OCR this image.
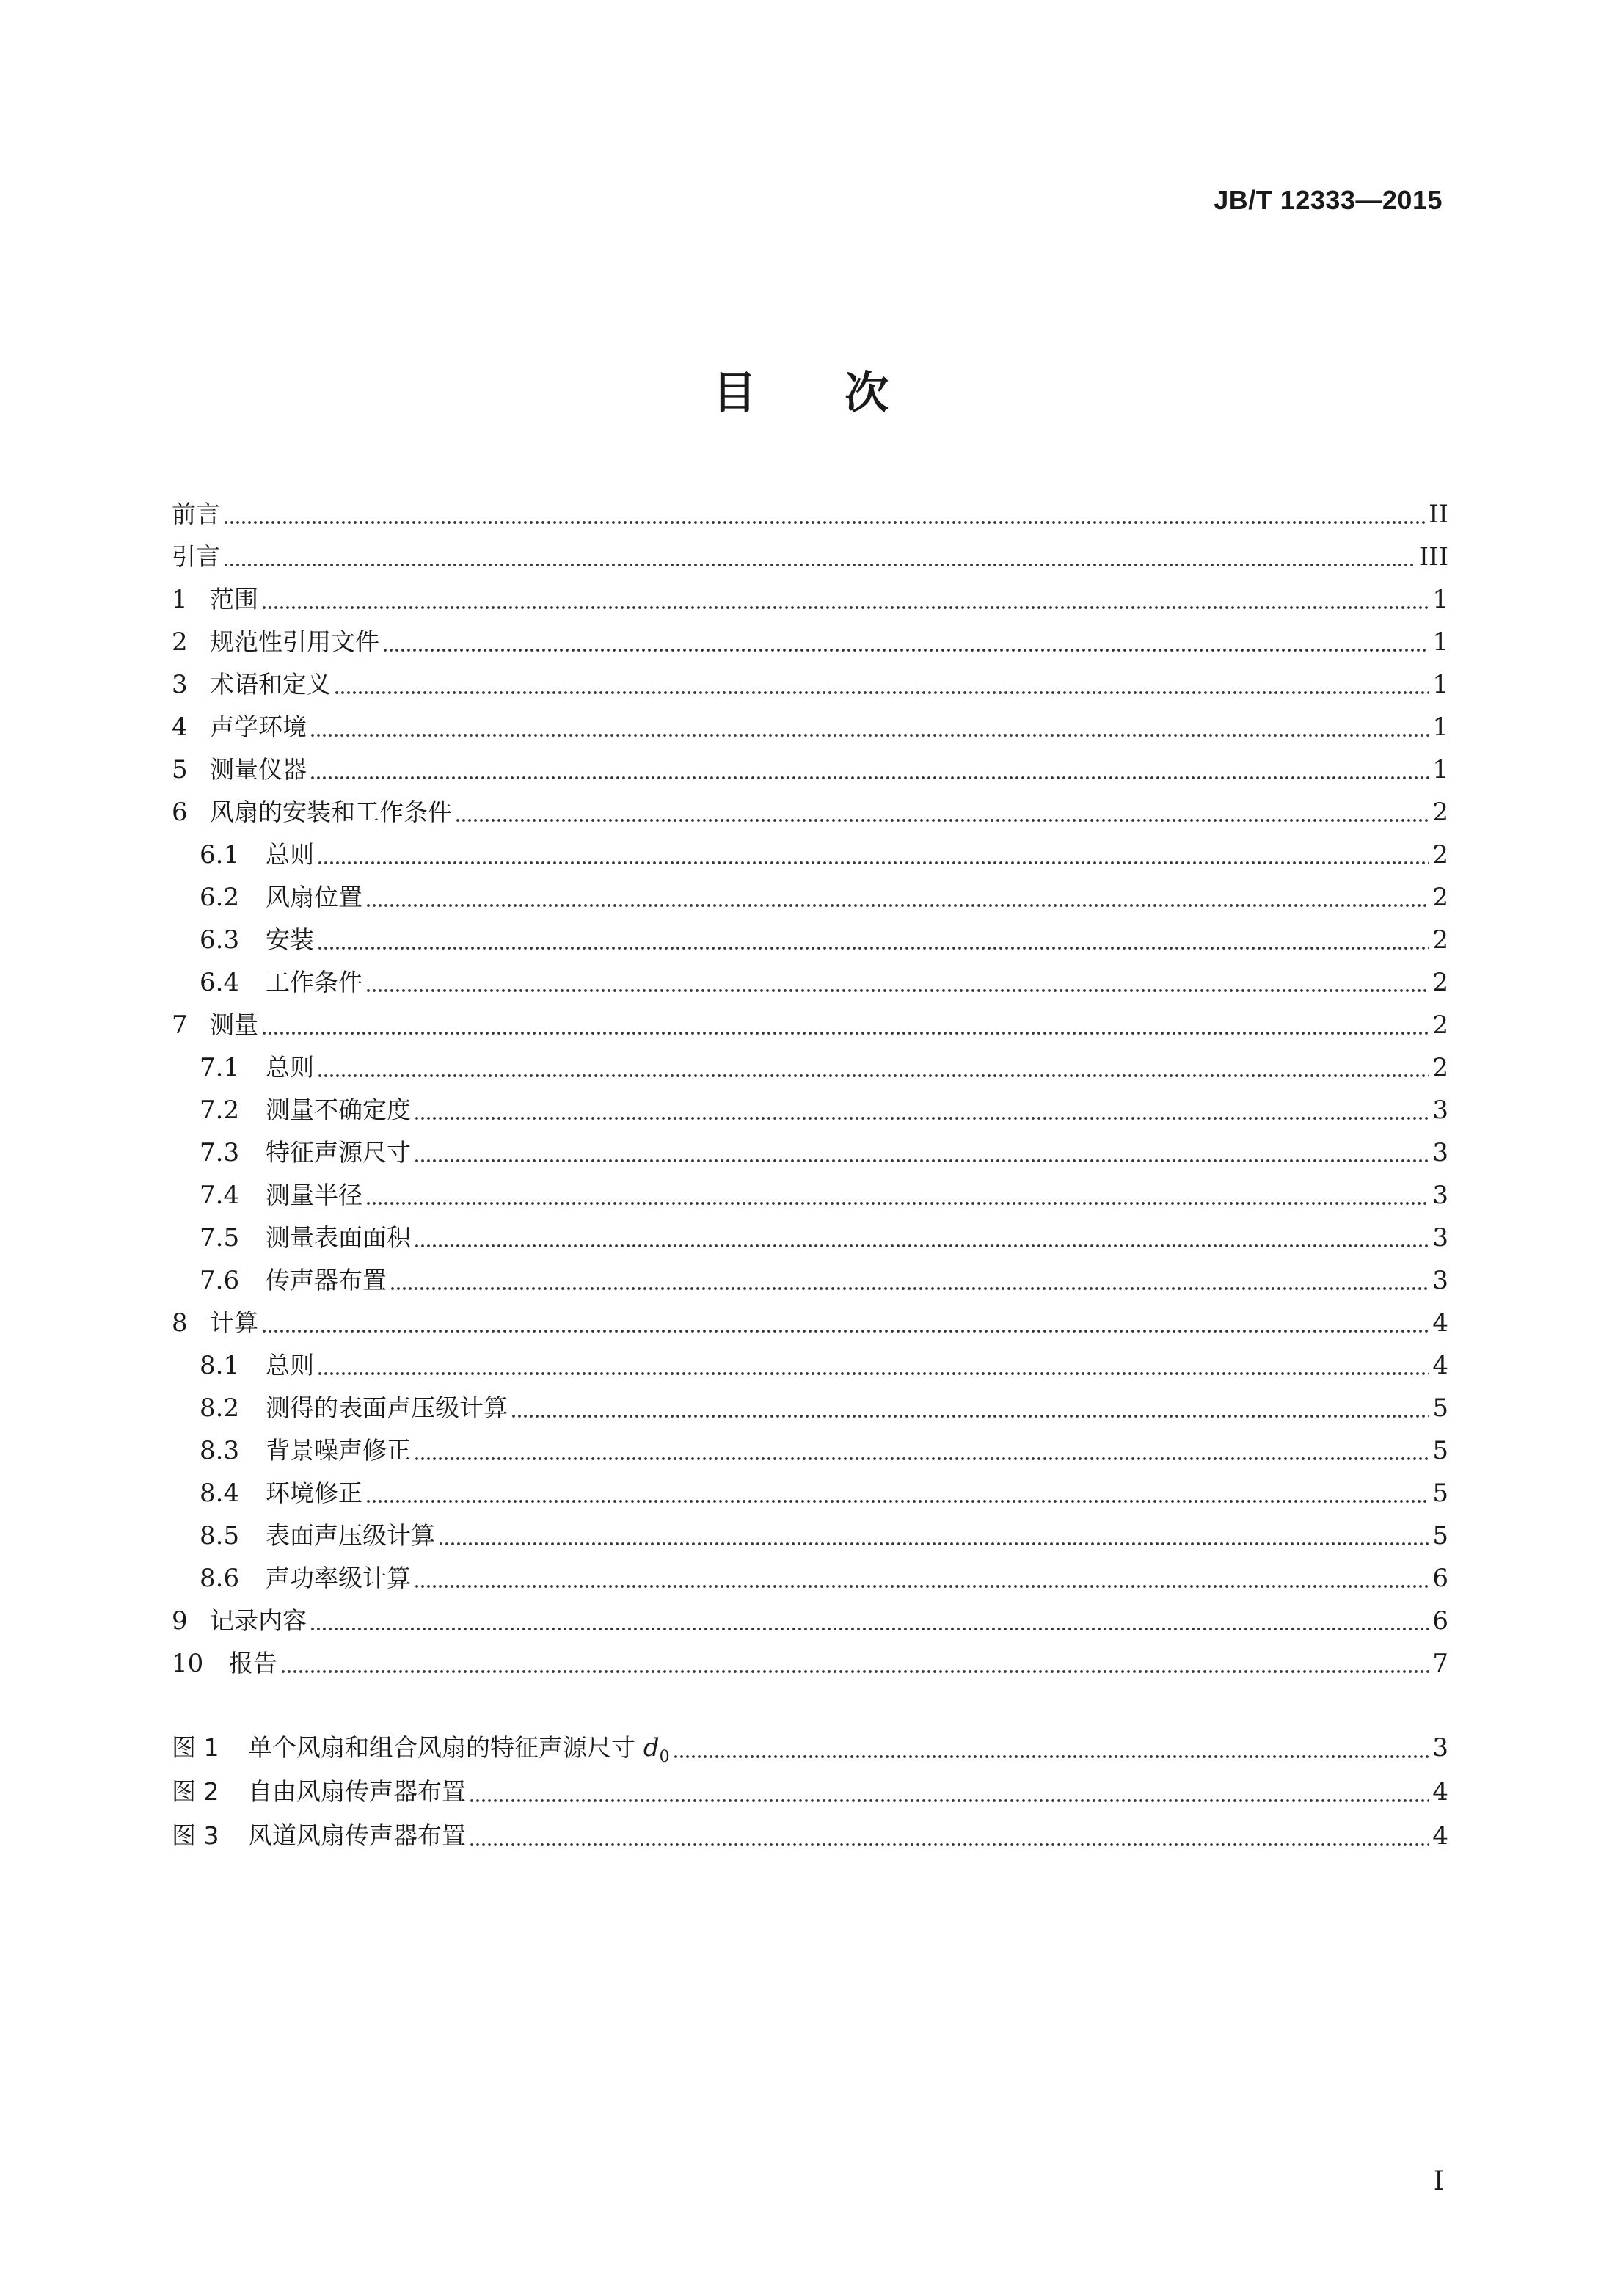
JB/T 12333—2015
目 次
前言	II
引言	III
1 范围	1
2 规范性引用文件	1
3 术语和定义	1
4 声学环境	1
5 测量仪器	1
6 风扇的安装和工作条件	2
6.1	总则	2
6.2	风扇位置	2
6.3	安装	2
6.4	工作条件	2
7 测量	2
7.1	总则	2
7.2	测量不确定度	3
7.3	特征声源尺寸	3
7.4	测量半径	3
7.5	测量表面面积	3
7.6	传声器布置	3
8 计算	4
8.1	总则	4
8.2	测得的表面声压级计算	5
8.3	背景噪声修正	5
8.4	环境修正	5
8.5	表面声压级计算	5
8.6	声功率级计算	6
9 记录内容	6
10	报告	7
图 1	单个风扇和组合风扇的特征声源尺寸 $d_0$	3
图 2	自由风扇传声器布置	4
图 3	风道风扇传声器布置	4
I
